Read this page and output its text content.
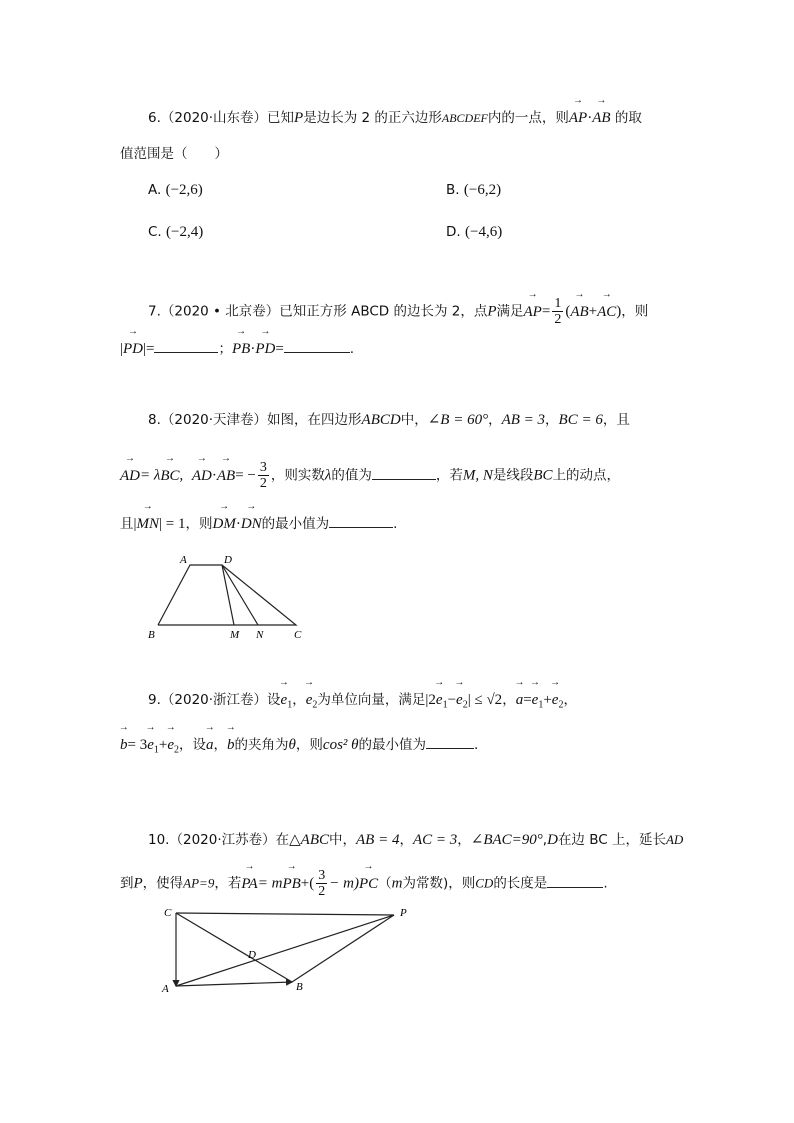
6.（2020·山东卷）已知P是边长为 2 的正六边形ABCDEF内的一点，则→ AP·→ AB 的取
值范围是（　　）
A. (−2,6)	B. (−6,2)
C. (−2,4)	D. (−4,6)
7.（2020 • 北京卷）已知正方形 ABCD 的边长为 2，点P满足→ $AP= \frac{1}{2}$ (→ AB+→ AC)，则
|→ PD|=	；→ PB·→ PD=	.
8.（2020·天津卷）如图，在四边形ABCD中，∠B = 60°，AB = 3，BC = 6，且
→ AD= λ→ BC,  → $AD\cdot\to AB= - \frac{3}{2}$ ，则实数λ的值为	，若M, N是线段BC上的动点，
且|→ MN| = 1，则→ DM·→ DN的最小值为	.
A	D
B	M N	C
9.（2020·浙江卷）设→ $e_1$，→ $e_2$为单位向量，满足$|2\to e_1-\to e_2| \le √2$，→ $a=\to e_1+\to e_2$，
→ $b= 3\to e_1+\to e_2$，设→ a，→ b的夹角为θ，则cos² θ的最小值为	.
10.（2020·江苏卷）在△ABC中，AB = 4，AC = 3，∠BAC=90°,D在边 BC 上，延长AD
到P，使得AP=9，若→ $PA= m\to PB+( \frac{3}{2} - m)\to PC(m$为常数)，则CD的长度是	.
C	P
D
A	B
